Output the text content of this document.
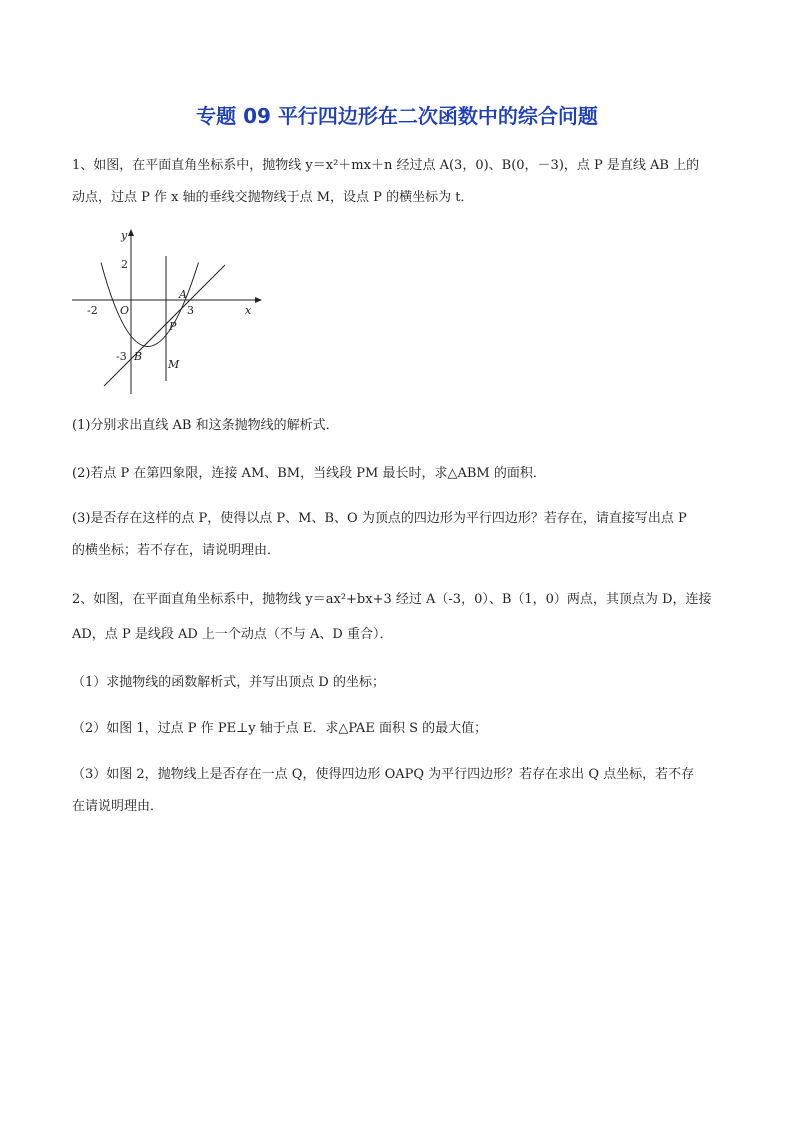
专题 09 平行四边形在二次函数中的综合问题
1、如图，在平面直角坐标系中，抛物线 y＝x²＋mx＋n 经过点 A(3，0)、B(0，－3)，点 P 是直线 AB 上的
动点，过点 P 作 x 轴的垂线交抛物线于点 M，设点 P 的横坐标为 t．
x
y
O
2
-2	3
-3
A
B
P
M
(1)分别求出直线 AB 和这条抛物线的解析式．
(2)若点 P 在第四象限，连接 AM、BM，当线段 PM 最长时，求△ABM 的面积．
(3)是否存在这样的点 P，使得以点 P、M、B、O 为顶点的四边形为平行四边形？若存在，请直接写出点 P
的横坐标；若不存在，请说明理由．
2、如图，在平面直角坐标系中，抛物线 y＝ax²+bx+3 经过 A（-3，0）、B（1，0）两点，其顶点为 D，连接
AD，点 P 是线段 AD 上一个动点（不与 A、D 重合）．
（1）求抛物线的函数解析式，并写出顶点 D 的坐标；
（2）如图 1，过点 P 作 PE⊥y 轴于点 E．求△PAE 面积 S 的最大值；
（3）如图 2，抛物线上是否存在一点 Q，使得四边形 OAPQ 为平行四边形？若存在求出 Q 点坐标，若不存
在请说明理由．
